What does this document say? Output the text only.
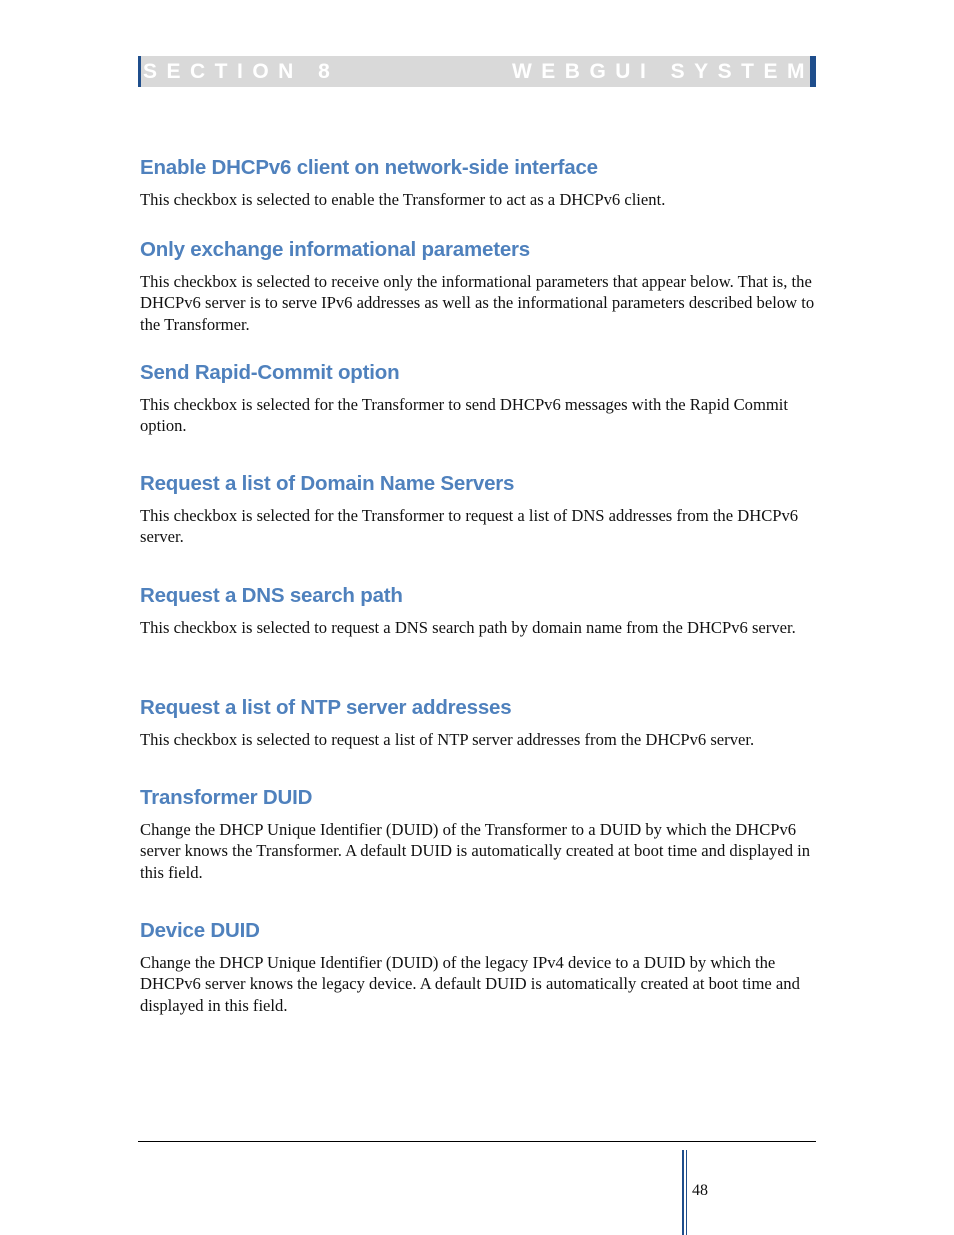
SECTION 8	WEBGUI SYSTEM
Enable DHCPv6 client on network-side interface

This checkbox is selected to enable the Transformer to act as a DHCPv6 client.

Only exchange informational parameters

This checkbox is selected to receive only the informational parameters that appear below. That is, the DHCPv6 server is to serve IPv6 addresses as well as the informational parameters described below to the Transformer.

Send Rapid-Commit option

This checkbox is selected for the Transformer to send DHCPv6 messages with the Rapid Commit option.

Request a list of Domain Name Servers

This checkbox is selected for the Transformer to request a list of DNS addresses from the DHCPv6 server.

Request a DNS search path

This checkbox is selected to request a DNS search path by domain name from the DHCPv6 server.

Request a list of NTP server addresses

This checkbox is selected to request a list of NTP server addresses from the DHCPv6 server.

Transformer DUID

Change the DHCP Unique Identifier (DUID) of the Transformer to a DUID by which the DHCPv6 server knows the Transformer. A default DUID is automatically created at boot time and displayed in this field.

Device DUID

Change the DHCP Unique Identifier (DUID) of the legacy IPv4 device to a DUID by which the DHCPv6 server knows the legacy device. A default DUID is automatically created at boot time and displayed in this field.

48
